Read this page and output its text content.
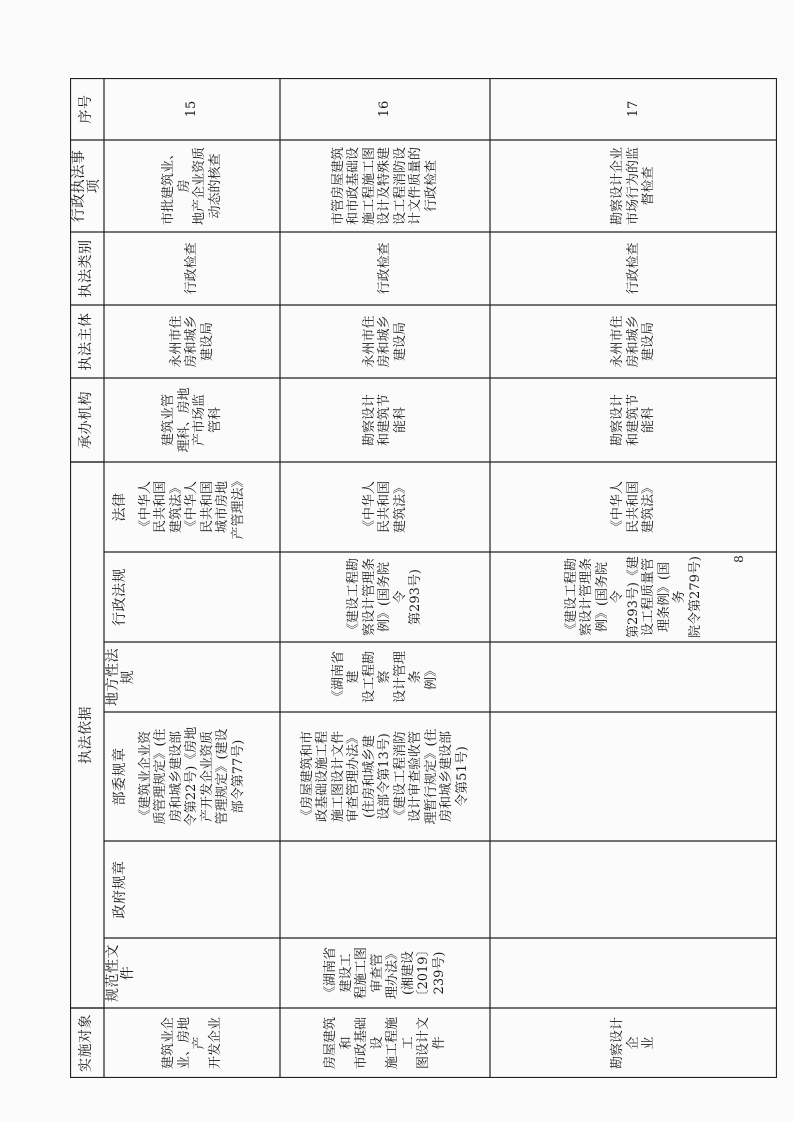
序号
行政执法事项
执法类别
执法主体
承办机构
执法依据
法律
行政法规
地方性法规
部委规章
政府规章
规范性文件
实施对象
15
市批建筑业、房
地产企业资质
动态的核查
行政检查
永州市住
房和城乡
建设局
建筑业管
理科、房地
产市场监
管科
《中华人
民共和国
建筑法》
《中华人
民共和国
城市房地
产管理法》
《建筑业企业资
质管理规定》(住
房和城乡建设部
令第22号)《房地
产开发企业资质
管理规定》(建设
部令第77号)
建筑业企
业、房地产
开发企业
16
市管房屋建筑
和市政基础设
施工程施工图
设计及特殊建
设工程消防设
计文件质量的
行政检查
行政检查
永州市住
房和城乡
建设局
勘察设计
和建筑节
能科
《中华人
民共和国
建筑法》
《建设工程勘
察设计管理条
例》(国务院令
第293号)
《湖南省建
设工程勘察
设计管理条
例》
《房屋建筑和市
政基础设施工程
施工图设计文件
审查管理办法》
(住房和城乡建
设部令第13号)
《建设工程消防
设计审查验收管
理暂行规定》(住
房和城乡建设部
令第51号)
《湖南省建设工
程施工图审查管
理办法》(湘建设
〔2019〕239号)
房屋建筑和
市政基础设
施工程施工
图设计文件
17
勘察设计企业
市场行为的监
督检查
行政检查
永州市住
房和城乡
建设局
勘察设计
和建筑节
能科
《中华人
民共和国
建筑法》
《建设工程勘
察设计管理条
例》(国务院令
第293号)《建
设工程质量管
理条例》(国务
院令第279号)
勘察设计企
业
8
